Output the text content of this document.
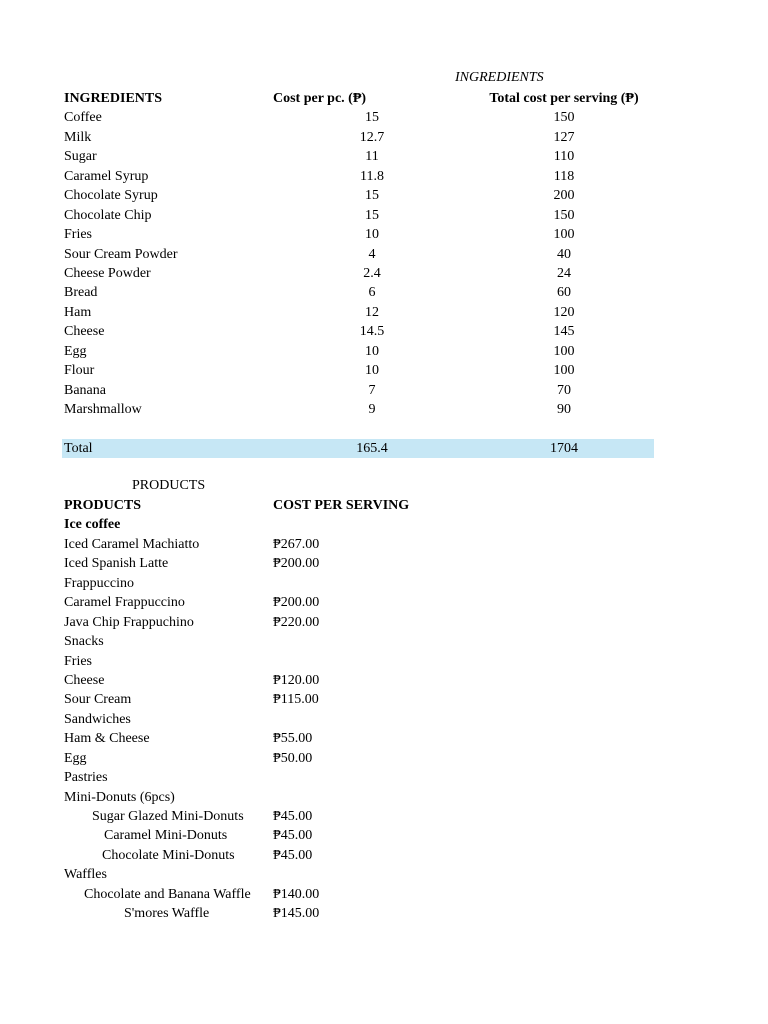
INGREDIENTS
INGREDIENTS	Cost per pc. (₱)	Total cost per serving (₱)
Coffee	15	150
Milk	12.7	127
Sugar	11	110
Caramel Syrup	11.8	118
Chocolate Syrup	15	200
Chocolate Chip	15	150
Fries	10	100
Sour Cream Powder	4	40
Cheese Powder	2.4	24
Bread	6	60
Ham	12	120
Cheese	14.5	145
Egg	10	100
Flour	10	100
Banana	7	70
Marshmallow	9	90
Total	165.4	1704
PRODUCTS
PRODUCTS	COST PER SERVING
Ice coffee
Iced Caramel Machiatto	₱267.00
Iced Spanish Latte	₱200.00
Frappuccino
Caramel Frappuccino	₱200.00
Java Chip Frappuchino	₱220.00
Snacks
Fries
Cheese	₱120.00
Sour Cream	₱115.00
Sandwiches
Ham & Cheese	₱55.00
Egg	₱50.00
Pastries
Mini-Donuts (6pcs)
Sugar Glazed Mini-Donuts ₱45.00
Caramel Mini-Donuts	₱45.00
Chocolate Mini-Donuts	₱45.00
Waffles
Chocolate and Banana Waffle ₱140.00
S'mores Waffle	₱145.00
